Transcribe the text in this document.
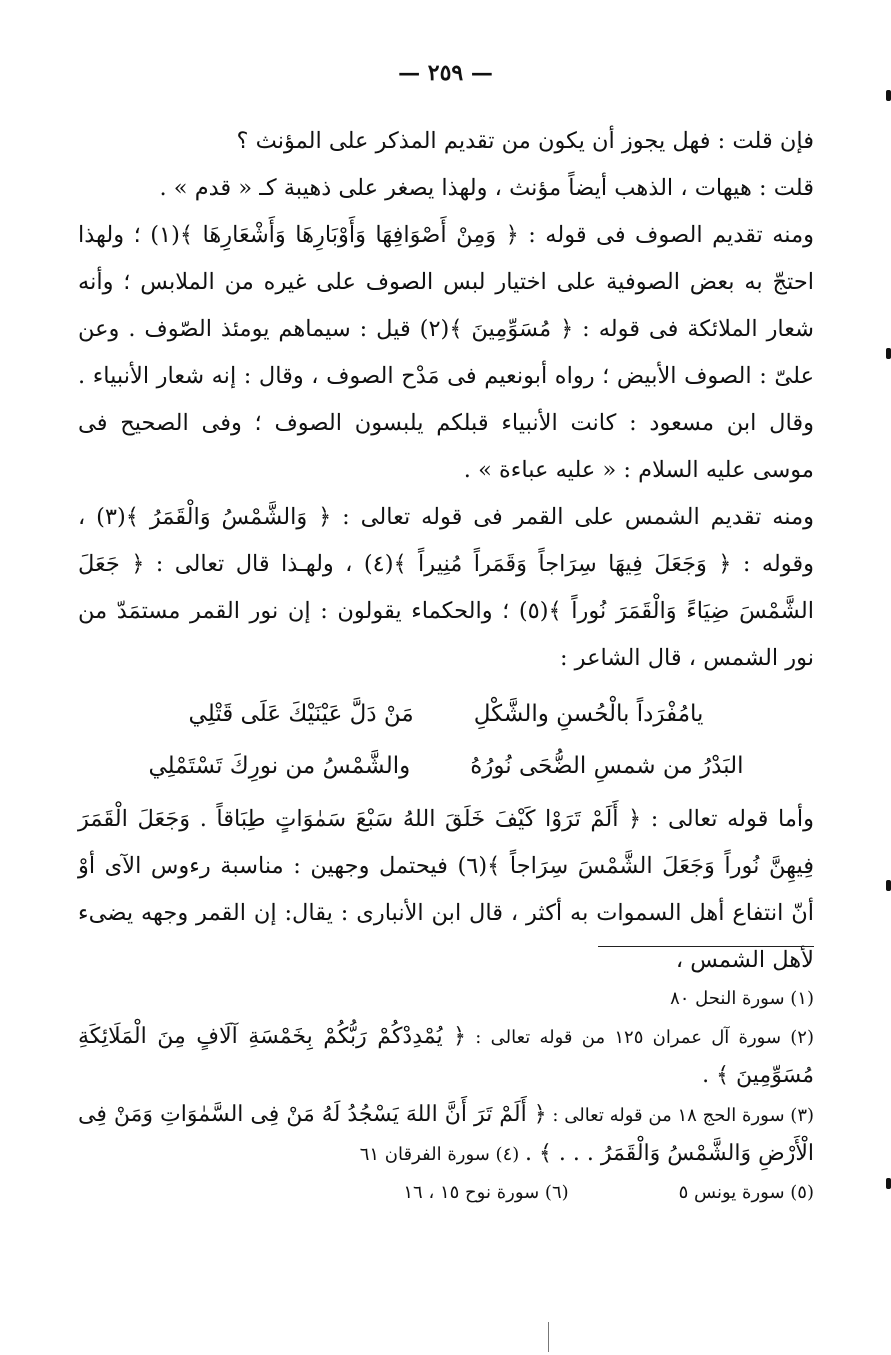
— ٢٥٩ —

فإن قلت : فهل يجوز أن يكون من تقديم المذكر على المؤنث ؟

قلت : هيهات ، الذهب أيضاً مؤنث ، ولهذا يصغر على ذهيبة كـ « قدم » .

ومنه تقديم الصوف فى قوله : ﴿ وَمِنْ أَصْوَافِهَا وَأَوْبَارِهَا وَأَشْعَارِهَا ﴾(١) ؛ ولهذا احتجّ به بعض الصوفية على اختيار لبس الصوف على غيره من الملابس ؛ وأنه شعار الملائكة فى قوله : ﴿ مُسَوِّمِينَ ﴾(٢) قيل : سيماهم يومئذ الصّوف . وعن علىّ : الصوف الأبيض ؛ رواه أبونعيم فى مَدْح الصوف ، وقال : إنه شعار الأنبياء . وقال ابن مسعود : كانت الأنبياء قبلكم يلبسون الصوف ؛ وفى الصحيح فى موسى عليه السلام : « عليه عباءة » .

ومنه تقديم الشمس على القمر فى قوله تعالى : ﴿ وَالشَّمْسُ وَالْقَمَرُ ﴾(٣) ، وقوله : ﴿ وَجَعَلَ فِيهَا سِرَاجاً وَقَمَراً مُنِيراً ﴾(٤) ، ولهـذا قال تعالى : ﴿ جَعَلَ الشَّمْسَ ضِيَاءً وَالْقَمَرَ نُوراً ﴾(٥) ؛ والحكماء يقولون : إن نور القمر مستمَدّ من نور الشمس ، قال الشاعر :

يامُفْرَداً بالْحُسنِ والشَّكْلِ
مَنْ دَلَّ عَيْنَيْكَ عَلَى قَتْلِي
البَدْرُ من شمسِ الضُّحَى نُورُهُ
والشَّمْسُ من نورِكَ تَسْتَمْلِي

وأما قوله تعالى : ﴿ أَلَمْ تَرَوْا كَيْفَ خَلَقَ اللهُ سَبْعَ سَمٰوَاتٍ طِبَاقاً . وَجَعَلَ الْقَمَرَ فِيهِنَّ نُوراً وَجَعَلَ الشَّمْسَ سِرَاجاً ﴾(٦) فيحتمل وجهين : مناسبة رءوس الآى أوْ أنّ انتفاع أهل السموات به أكثر ، قال ابن الأنبارى : يقال: إن القمر وجهه يضىء لأهل الشمس ،

(١) سورة النحل ٨٠

(٢) سورة آل عمران ١٢٥ من قوله تعالى : ﴿ يُمْدِدْكُمْ رَبُّكُمْ بِخَمْسَةِ آلَافٍ مِنَ الْمَلَائِكَةِ مُسَوِّمِينَ ﴾ .

(٣) سورة الحج ١٨ من قوله تعالى : ﴿ أَلَمْ تَرَ أَنَّ اللهَ يَسْجُدُ لَهُ مَنْ فِى السَّمٰوَاتِ وَمَنْ فِى الْأَرْضِ وَالشَّمْسُ وَالْقَمَرُ . . . ﴾ . (٤) سورة الفرقان ٦١

(٥) سورة يونس ٥
(٦) سورة نوح ١٥ ، ١٦
